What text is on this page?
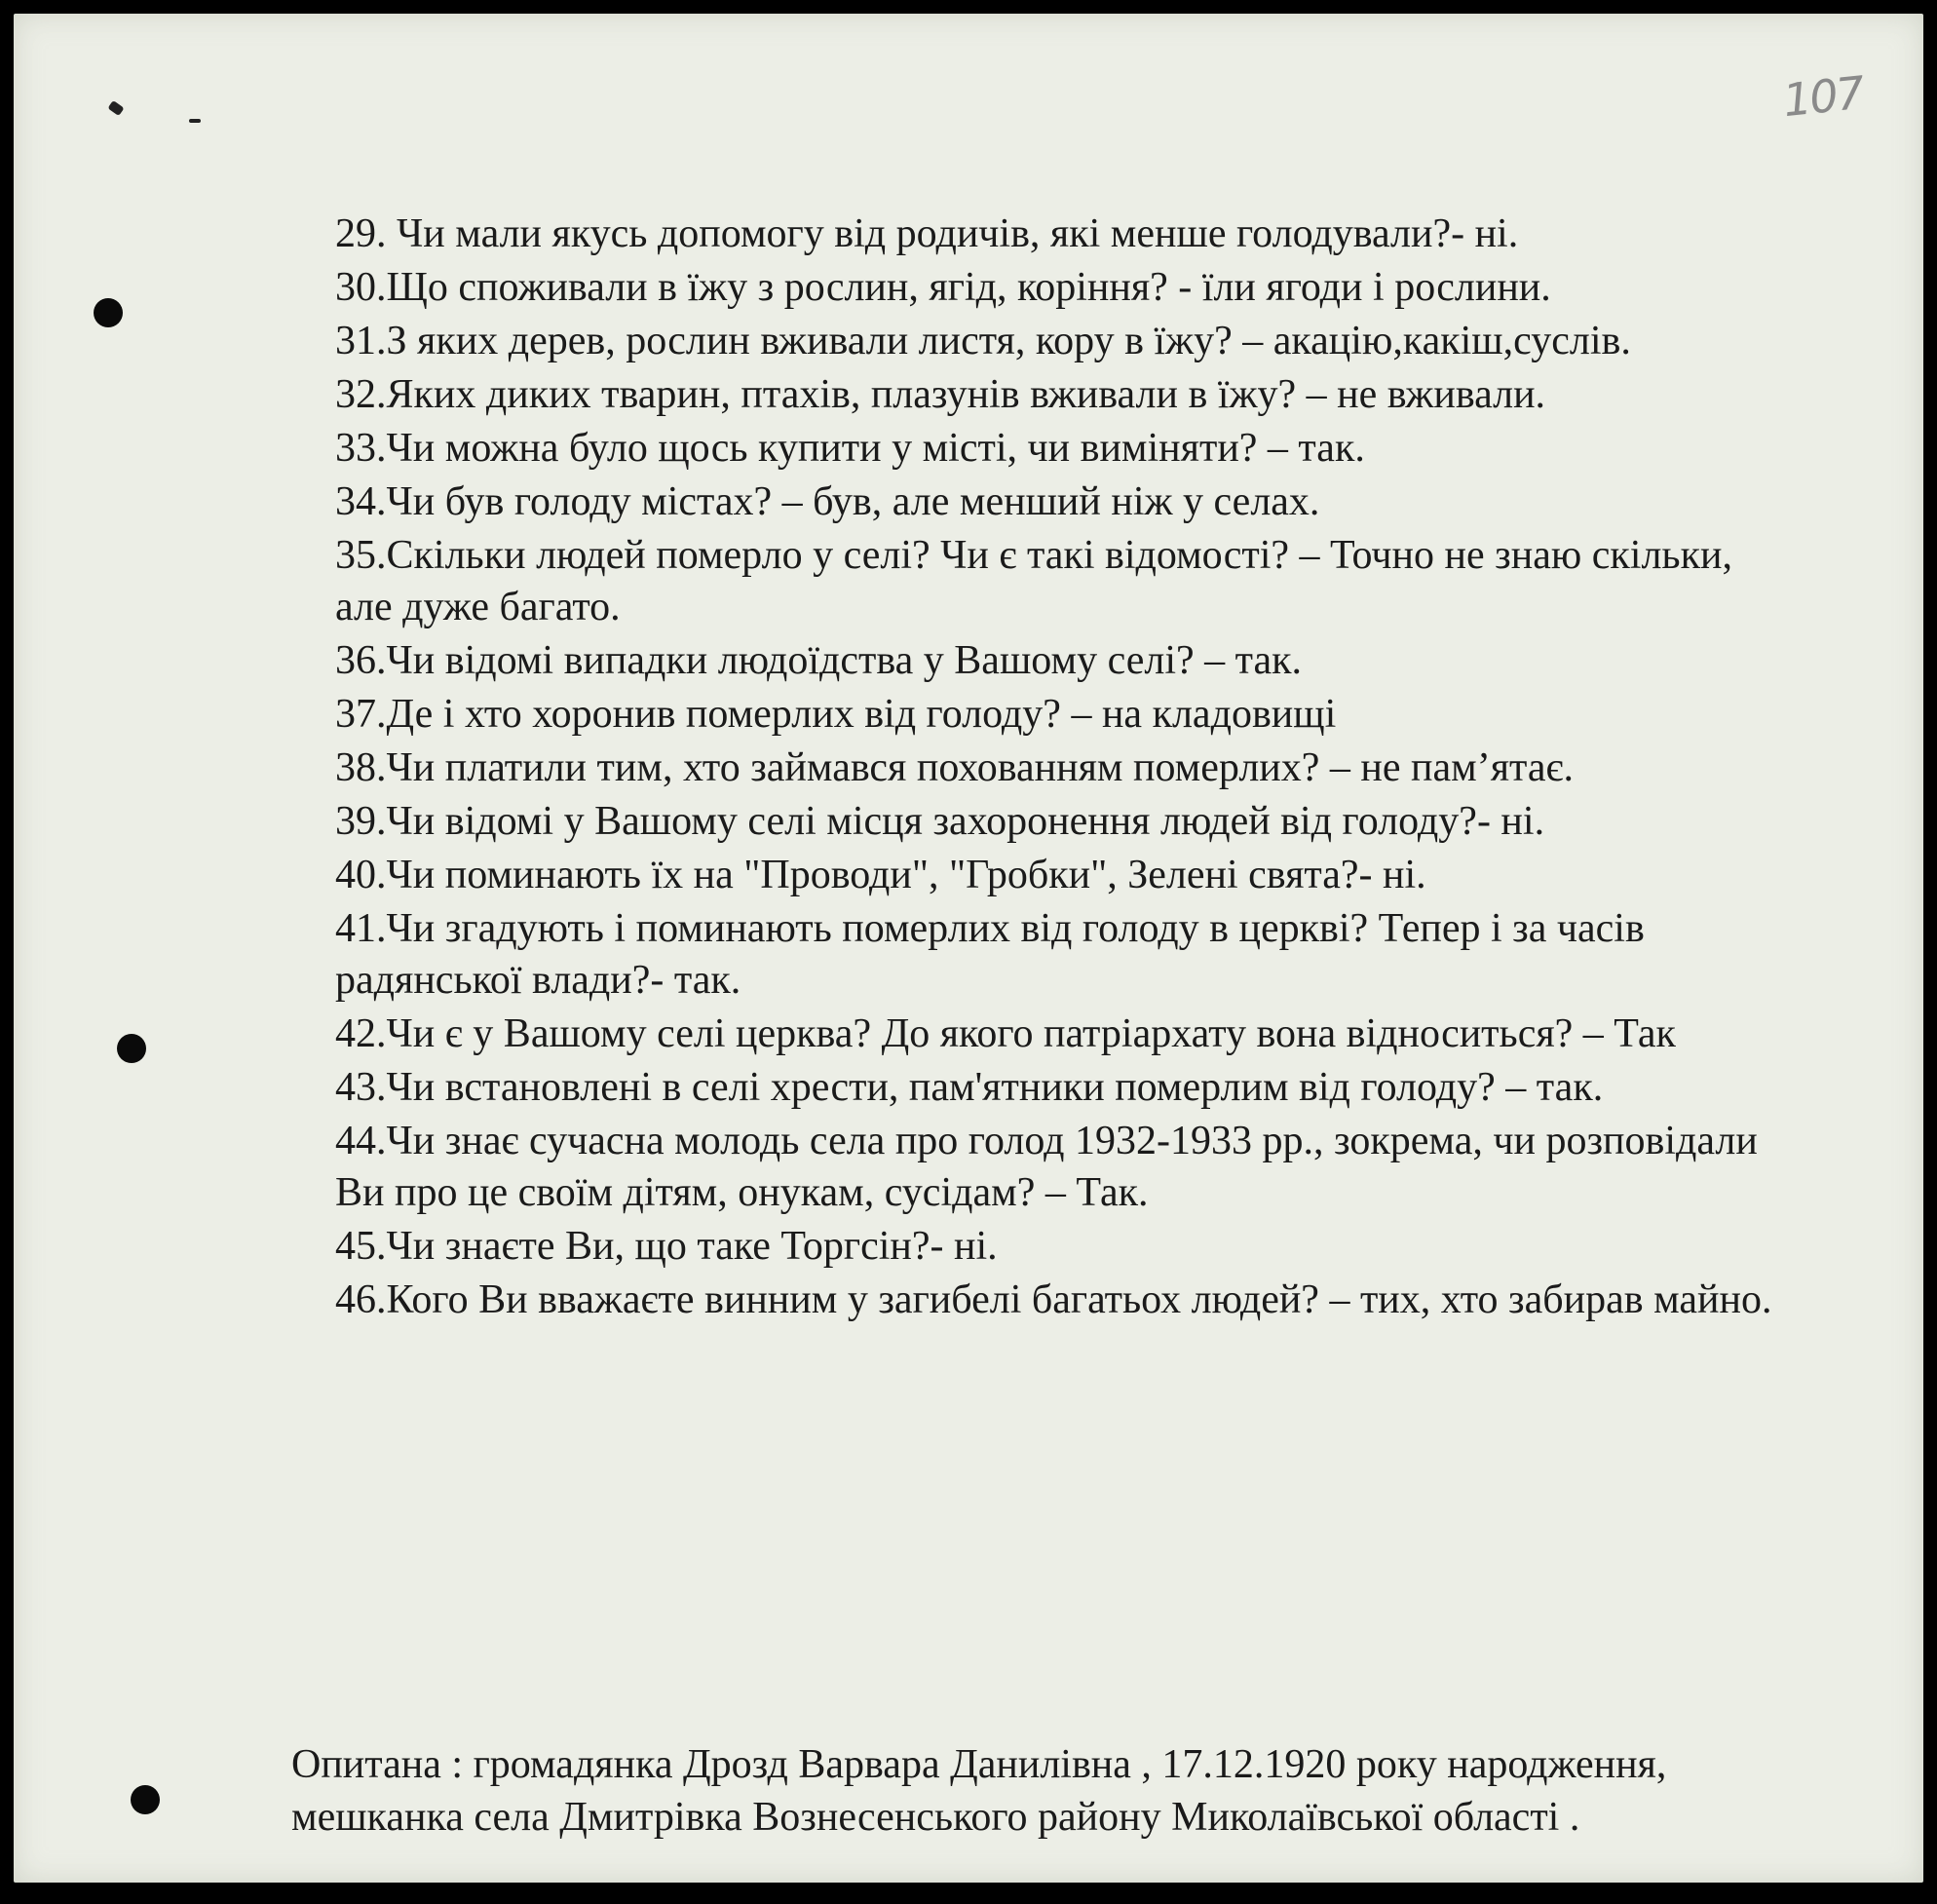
107

29. Чи мали якусь допомогу від родичів, які менше голодували?- ні.

30.Що споживали в їжу з рослин, ягід, коріння? - їли ягоди і рослини.

31.З яких дерев, рослин вживали листя, кору в їжу? – акацію,какіш,суслів.

32.Яких диких тварин, птахів, плазунів вживали в їжу? – не вживали.

33.Чи можна було щось купити у місті, чи виміняти? – так.

34.Чи був голоду містах? – був, але менший ніж у селах.

35.Скільки людей померло у селі? Чи є такі відомості? – Точно не знаю скільки, але дуже багато.

36.Чи відомі випадки людоїдства у Вашому селі? – так.

37.Де і хто хоронив померлих від голоду? – на кладовищі

38.Чи платили тим, хто займався похованням померлих? – не пам’ятає.

39.Чи відомі у Вашому селі місця захоронення людей від голоду?- ні.

40.Чи поминають їх на "Проводи", "Гробки", Зелені свята?- ні.

41.Чи згадують і поминають померлих від голоду в церкві? Тепер і за часів радянської влади?- так.

42.Чи є у Вашому селі церква? До якого патріархату вона відноситься? – Так

43.Чи встановлені в селі хрести, пам'ятники померлим від голоду? – так.

44.Чи знає сучасна молодь села про голод 1932-1933 рр., зокрема, чи розповідали Ви про це своїм дітям, онукам, сусідам? – Так.

45.Чи знаєте Ви, що таке Торгсін?- ні.

46.Кого Ви вважаєте винним у загибелі багатьох людей? – тих, хто забирав майно.

Опитана : громадянка Дрозд Варвара Данилівна , 17.12.1920 року народження, мешканка села Дмитрівка Вознесенського району Миколаївської області .
